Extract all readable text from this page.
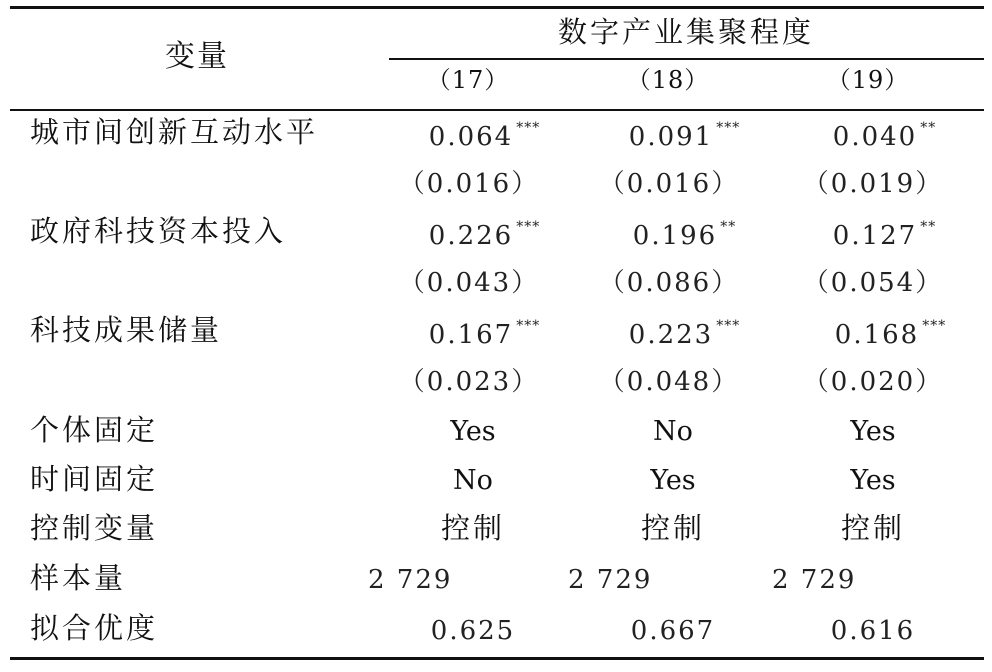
变量
数字产业集聚程度
（17）	（18）	（19）
城市间创新互动水平	0.064 ***	0.091 ***	0.040 **
（0.016） （0.016） （0.019）
政府科技资本投入	0.226 ***	0.196 **	0.127 **
（0.043） （0.086） （0.054）
科技成果储量	0.167 ***	0.223 ***	0.168 ***
（0.023） （0.048） （0.020）
个体固定	Yes	No	Yes
时间固定	No	Yes	Yes
控制变量	控制	控制	控制
样本量	2 729	2 729	2 729
拟合优度	0.625	0.667	0.616
